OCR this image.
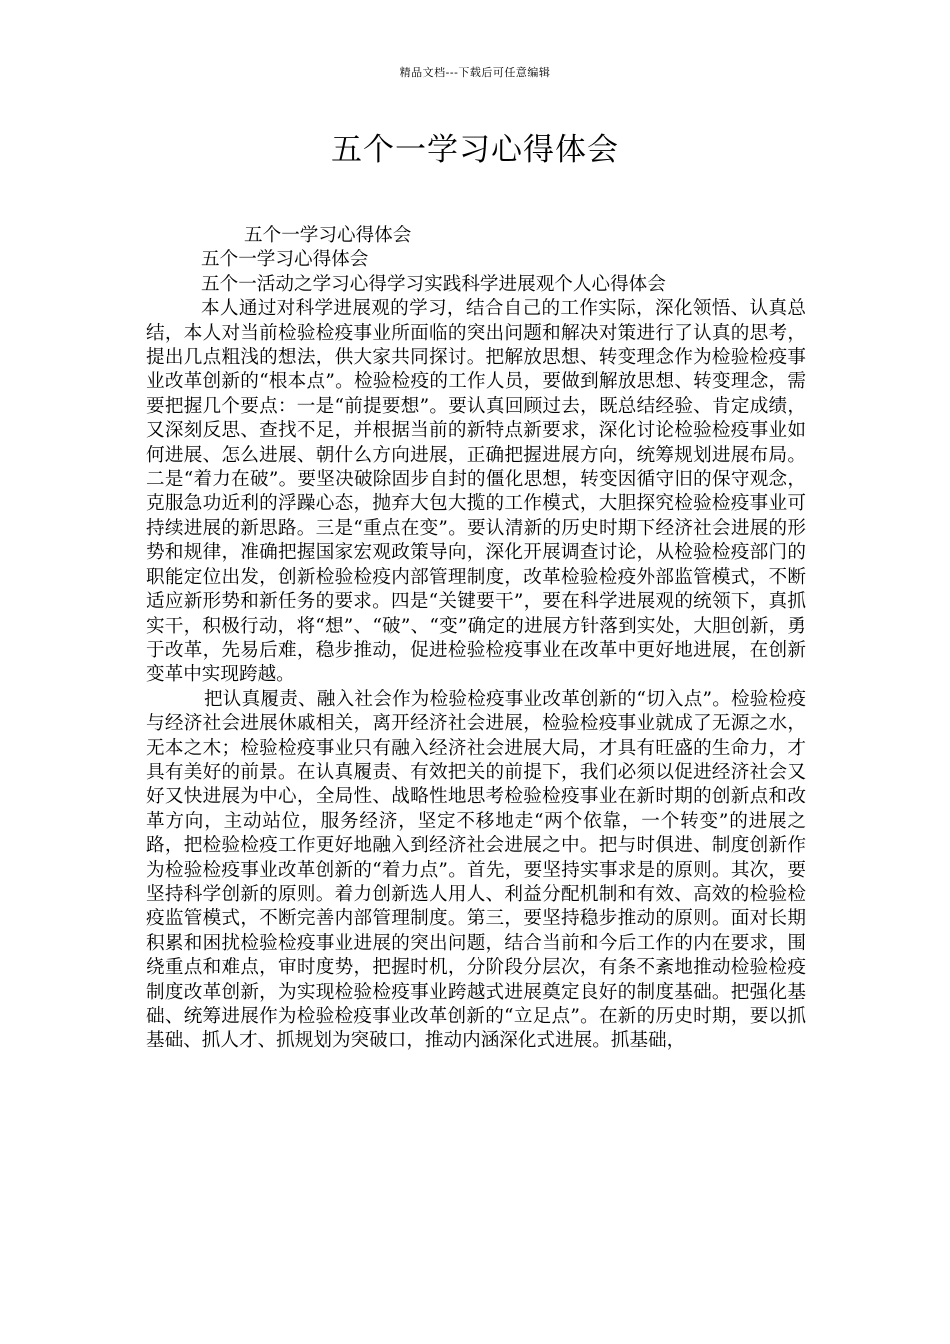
精品文档---下载后可任意编辑
五个一学习心得体会

五个一学习心得体会

五个一学习心得体会

五个一活动之学习心得学习实践科学进展观个人心得体会

本人通过对科学进展观的学习，结合自己的工作实际，深化领悟、认真总结，本人对当前检验检疫事业所面临的突出问题和解决对策进行了认真的思考，提出几点粗浅的想法，供大家共同探讨。把解放思想、转变理念作为检验检疫事业改革创新的“根本点”。检验检疫的工作人员，要做到解放思想、转变理念，需要把握几个要点：一是“前提要想”。要认真回顾过去，既总结经验、肯定成绩，又深刻反思、查找不足，并根据当前的新特点新要求，深化讨论检验检疫事业如何进展、怎么进展、朝什么方向进展，正确把握进展方向，统筹规划进展布局。二是“着力在破”。要坚决破除固步自封的僵化思想，转变因循守旧的保守观念，克服急功近利的浮躁心态，抛弃大包大揽的工作模式，大胆探究检验检疫事业可持续进展的新思路。三是“重点在变”。要认清新的历史时期下经济社会进展的形势和规律，准确把握国家宏观政策导向，深化开展调查讨论，从检验检疫部门的职能定位出发，创新检验检疫内部管理制度，改革检验检疫外部监管模式，不断适应新形势和新任务的要求。四是“关键要干”，要在科学进展观的统领下，真抓实干，积极行动，将“想”、“破”、“变”确定的进展方针落到实处，大胆创新，勇于改革，先易后难，稳步推动，促进检验检疫事业在改革中更好地进展，在创新变革中实现跨越。

把认真履责、融入社会作为检验检疫事业改革创新的“切入点”。检验检疫与经济社会进展休戚相关，离开经济社会进展，检验检疫事业就成了无源之水，无本之木；检验检疫事业只有融入经济社会进展大局，才具有旺盛的生命力，才具有美好的前景。在认真履责、有效把关的前提下，我们必须以促进经济社会又好又快进展为中心，全局性、战略性地思考检验检疫事业在新时期的创新点和改革方向，主动站位，服务经济，坚定不移地走“两个依靠，一个转变”的进展之路，把检验检疫工作更好地融入到经济社会进展之中。把与时俱进、制度创新作为检验检疫事业改革创新的“着力点”。首先，要坚持实事求是的原则。其次，要坚持科学创新的原则。着力创新选人用人、利益分配机制和有效、高效的检验检疫监管模式，不断完善内部管理制度。第三，要坚持稳步推动的原则。面对长期积累和困扰检验检疫事业进展的突出问题，结合当前和今后工作的内在要求，围绕重点和难点，审时度势，把握时机，分阶段分层次，有条不紊地推动检验检疫制度改革创新，为实现检验检疫事业跨越式进展奠定良好的制度基础。把强化基础、统筹进展作为检验检疫事业改革创新的“立足点”。在新的历史时期，要以抓基础、抓人才、抓规划为突破口，推动内涵深化式进展。抓基础，
